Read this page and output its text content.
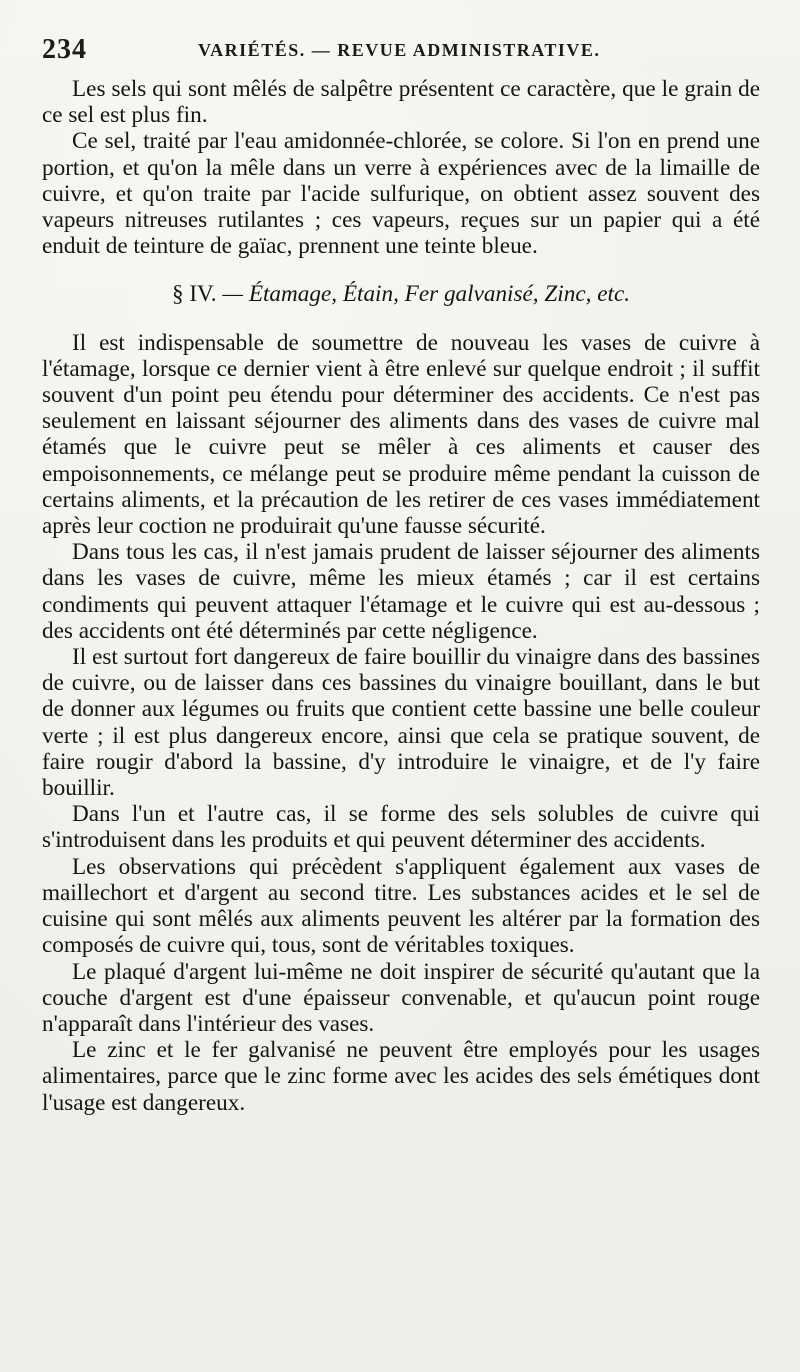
234	VARIÉTÉS. — REVUE ADMINISTRATIVE.

Les sels qui sont mêlés de salpêtre présentent ce caractère, que le grain de ce sel est plus fin.

Ce sel, traité par l'eau amidonnée-chlorée, se colore. Si l'on en prend une portion, et qu'on la mêle dans un verre à expériences avec de la limaille de cuivre, et qu'on traite par l'acide sulfurique, on obtient assez souvent des vapeurs nitreuses rutilantes ; ces vapeurs, reçues sur un papier qui a été enduit de teinture de gaïac, prennent une teinte bleue.

§ IV. — Étamage, Étain, Fer galvanisé, Zinc, etc.

Il est indispensable de soumettre de nouveau les vases de cuivre à l'étamage, lorsque ce dernier vient à être enlevé sur quelque endroit ; il suffit souvent d'un point peu étendu pour déterminer des accidents. Ce n'est pas seulement en laissant séjourner des aliments dans des vases de cuivre mal étamés que le cuivre peut se mêler à ces aliments et causer des empoisonnements, ce mélange peut se produire même pendant la cuisson de certains aliments, et la précaution de les retirer de ces vases immédiatement après leur coction ne produirait qu'une fausse sécurité.

Dans tous les cas, il n'est jamais prudent de laisser séjourner des aliments dans les vases de cuivre, même les mieux étamés ; car il est certains condiments qui peuvent attaquer l'étamage et le cuivre qui est au-dessous ; des accidents ont été déterminés par cette négligence.

Il est surtout fort dangereux de faire bouillir du vinaigre dans des bassines de cuivre, ou de laisser dans ces bassines du vinaigre bouillant, dans le but de donner aux légumes ou fruits que contient cette bassine une belle couleur verte ; il est plus dangereux encore, ainsi que cela se pratique souvent, de faire rougir d'abord la bassine, d'y introduire le vinaigre, et de l'y faire bouillir.

Dans l'un et l'autre cas, il se forme des sels solubles de cuivre qui s'introduisent dans les produits et qui peuvent déterminer des accidents.

Les observations qui précèdent s'appliquent également aux vases de maillechort et d'argent au second titre. Les substances acides et le sel de cuisine qui sont mêlés aux aliments peuvent les altérer par la formation des composés de cuivre qui, tous, sont de véritables toxiques.

Le plaqué d'argent lui-même ne doit inspirer de sécurité qu'autant que la couche d'argent est d'une épaisseur convenable, et qu'aucun point rouge n'apparaît dans l'intérieur des vases.

Le zinc et le fer galvanisé ne peuvent être employés pour les usages alimentaires, parce que le zinc forme avec les acides des sels émétiques dont l'usage est dangereux.
